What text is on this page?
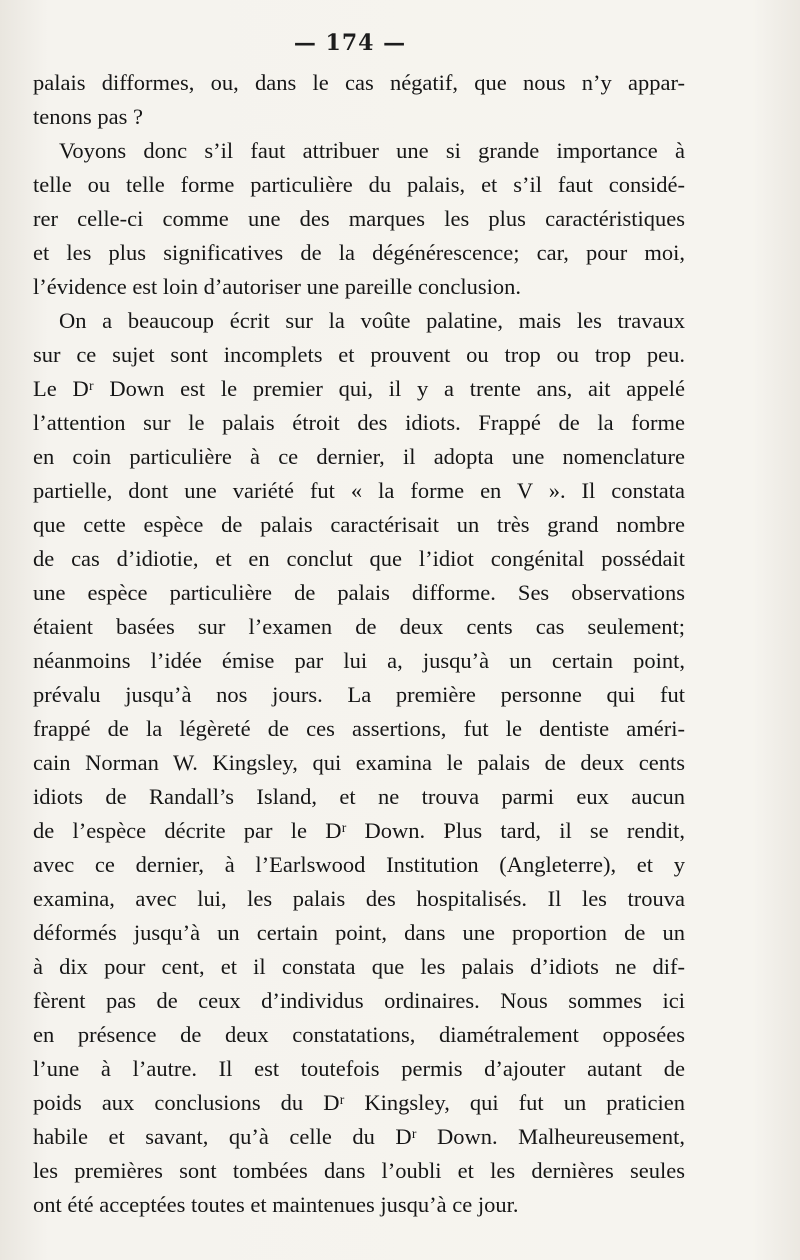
— 174 —
palais difformes, ou, dans le cas négatif, que nous n’y appar-
tenons pas ?
Voyons donc s’il faut attribuer une si grande importance à
telle ou telle forme particulière du palais, et s’il faut considé-
rer celle-ci comme une des marques les plus caractéristiques
et les plus significatives de la dégénérescence; car, pour moi,
l’évidence est loin d’autoriser une pareille conclusion.
On a beaucoup écrit sur la voûte palatine, mais les travaux
sur ce sujet sont incomplets et prouvent ou trop ou trop peu.
Le Dʳ Down est le premier qui, il y a trente ans, ait appelé
l’attention sur le palais étroit des idiots. Frappé de la forme
en coin particulière à ce dernier, il adopta une nomenclature
partielle, dont une variété fut « la forme en V ». Il constata
que cette espèce de palais caractérisait un très grand nombre
de cas d’idiotie, et en conclut que l’idiot congénital possédait
une espèce particulière de palais difforme. Ses observations
étaient basées sur l’examen de deux cents cas seulement;
néanmoins l’idée émise par lui a, jusqu’à un certain point,
prévalu jusqu’à nos jours. La première personne qui fut
frappé de la légèreté de ces assertions, fut le dentiste améri-
cain Norman W. Kingsley, qui examina le palais de deux cents
idiots de Randall’s Island, et ne trouva parmi eux aucun
de l’espèce décrite par le Dʳ Down. Plus tard, il se rendit,
avec ce dernier, à l’Earlswood Institution (Angleterre), et y
examina, avec lui, les palais des hospitalisés. Il les trouva
déformés jusqu’à un certain point, dans une proportion de un
à dix pour cent, et il constata que les palais d’idiots ne dif-
fèrent pas de ceux d’individus ordinaires. Nous sommes ici
en présence de deux constatations, diamétralement opposées
l’une à l’autre. Il est toutefois permis d’ajouter autant de
poids aux conclusions du Dʳ Kingsley, qui fut un praticien
habile et savant, qu’à celle du Dʳ Down. Malheureusement,
les premières sont tombées dans l’oubli et les dernières seules
ont été acceptées toutes et maintenues jusqu’à ce jour.
